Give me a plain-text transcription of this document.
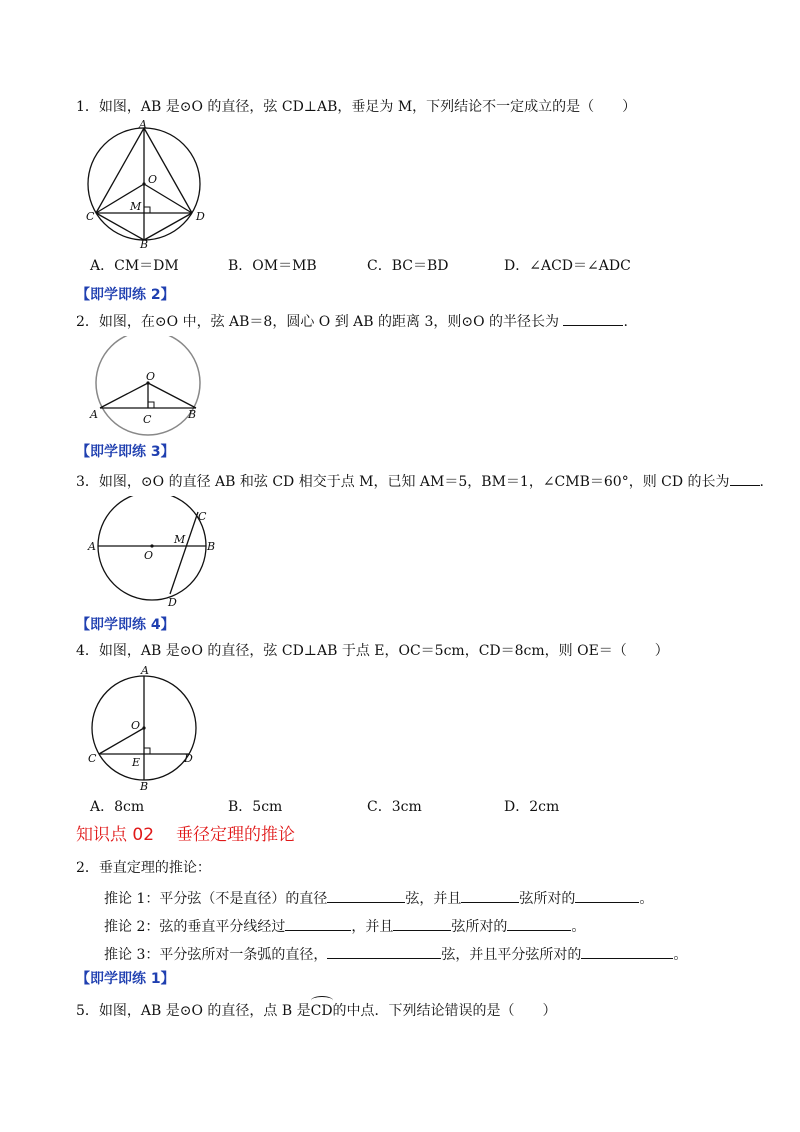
1．如图，AB 是⊙O 的直径，弦 CD⊥AB，垂足为 M，下列结论不一定成立的是（　　）
A
O
M
C	D
B
A．CM＝DM	B．OM＝MB	C．BC＝BD	D．∠ACD＝∠ADC
【即学即练 2】
2．如图，在⊙O 中，弦 AB＝8，圆心 O 到 AB 的距离 3，则⊙O 的半径长为	.
O
A	C	B
【即学即练 3】
3．如图，⊙O 的直径 AB 和弦 CD 相交于点 M，已知 AM＝5，BM＝1，∠CMB＝60°，则 CD 的长为 .
A
O
M
B
C
D
【即学即练 4】
4．如图，AB 是⊙O 的直径，弦 CD⊥AB 于点 E，OC＝5cm，CD＝8cm，则 OE＝（　　）
A
O
C	E	D
B
A．8cm	B．5cm	C．3cm	D．2cm
知识点 02 垂径定理的推论
2．垂直定理的推论：
推论 1：平分弦（不是直径）的直径	弦，并且	弦所对的	。
推论 2：弦的垂直平分线经过	，并且	弦所对的	。
推论 3：平分弦所对一条弧的直径，	弦，并且平分弦所对的	。
【即学即练 1】
5．如图，AB 是⊙O 的直径，点 B 是CD的中点．下列结论错误的是（　　）
